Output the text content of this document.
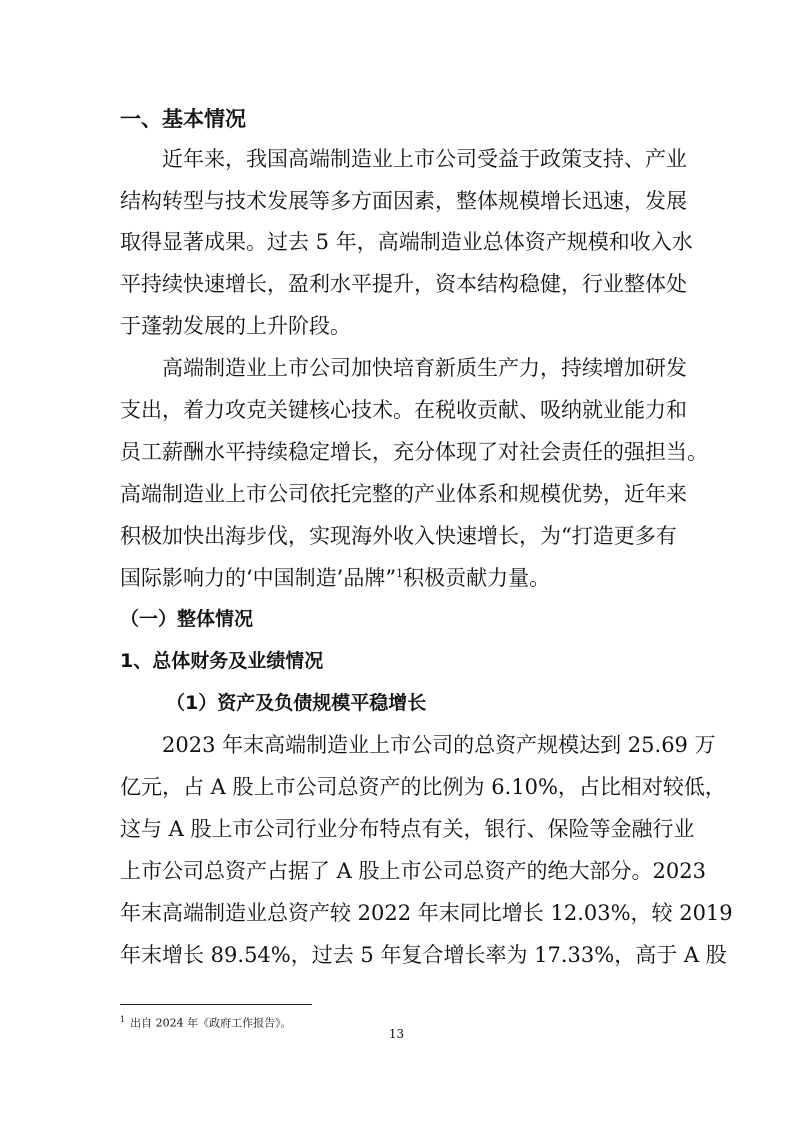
一、基本情况
近年来，我国高端制造业上市公司受益于政策支持、产业
结构转型与技术发展等多方面因素，整体规模增长迅速，发展
取得显著成果。过去 5 年，高端制造业总体资产规模和收入水
平持续快速增长，盈利水平提升，资本结构稳健，行业整体处
于蓬勃发展的上升阶段。
高端制造业上市公司加快培育新质生产力，持续增加研发
支出，着力攻克关键核心技术。在税收贡献、吸纳就业能力和
员工薪酬水平持续稳定增长，充分体现了对社会责任的强担当。
高端制造业上市公司依托完整的产业体系和规模优势，近年来
积极加快出海步伐，实现海外收入快速增长，为“打造更多有
国际影响力的‘中国制造’品牌”$^1$积极贡献力量。
（一）整体情况
1、总体财务及业绩情况
（1）资产及负债规模平稳增长
2023 年末高端制造业上市公司的总资产规模达到 25.69 万
亿元，占 A 股上市公司总资产的比例为 6.10%，占比相对较低，
这与 A 股上市公司行业分布特点有关，银行、保险等金融行业
上市公司总资产占据了 A 股上市公司总资产的绝大部分。2023
年末高端制造业总资产较 2022 年末同比增长 12.03%，较 2019
年末增长 89.54%，过去 5 年复合增长率为 17.33%，高于 A 股
$^1$ 出自 2024 年《政府工作报告》。
13
